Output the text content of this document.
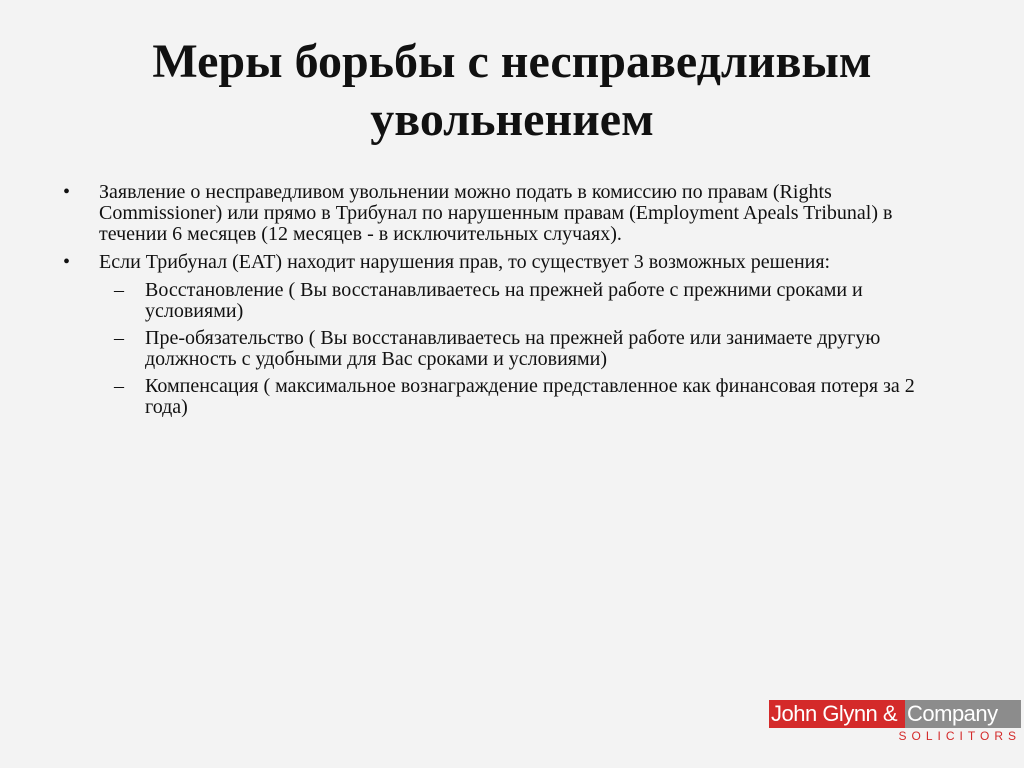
Меры борьбы с несправедливым увольнением
• Заявление о несправедливом увольнении можно подать в комиссию по правам (Rights Commissioner) или прямо в Трибунал по нарушенным правам (Employment Apeals Tribunal) в течении 6 месяцев (12 месяцев - в исключительных случаях).
• Если Трибунал (EAT) находит нарушения прав, то существует 3 возможных решения:
– Восстановление ( Вы восстанавливаетесь на прежней работе с прежними сроками и условиями)
– Пре-обязательство ( Вы восстанавливаетесь на прежней работе или занимаете другую должность с удобными для Вас сроками и условиями)
– Компенсация ( максимальное вознаграждение представленное как финансовая потеря за 2 года)
John Glynn & Company
SOLICITORS
